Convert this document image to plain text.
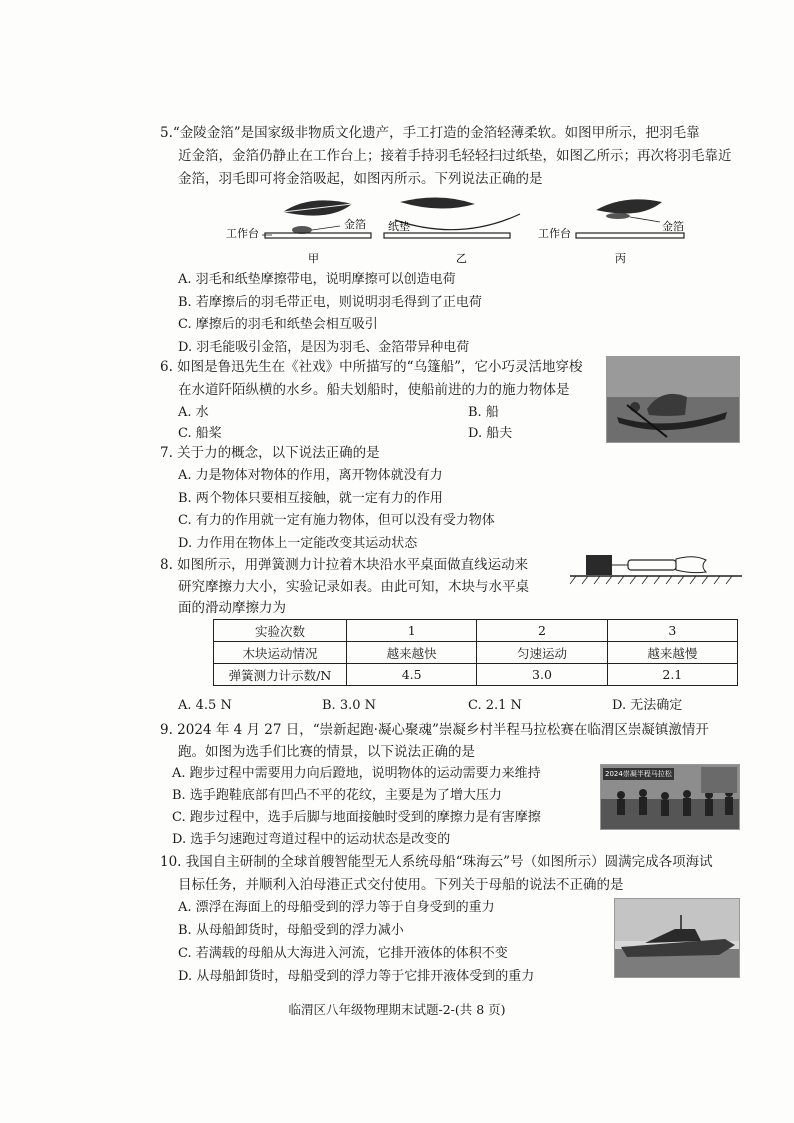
5.“金陵金箔”是国家级非物质文化遗产，手工打造的金箔轻薄柔软。如图甲所示，把羽毛靠
近金箔，金箔仍静止在工作台上；接着手持羽毛轻轻扫过纸垫，如图乙所示；再次将羽毛靠近
金箔，羽毛即可将金箔吸起，如图丙所示。下列说法正确的是
工作台
金箔
甲
纸垫
乙
工作台
金箔
丙
A. 羽毛和纸垫摩擦带电，说明摩擦可以创造电荷
B. 若摩擦后的羽毛带正电，则说明羽毛得到了正电荷
C. 摩擦后的羽毛和纸垫会相互吸引
D. 羽毛能吸引金箔，是因为羽毛、金箔带异种电荷
6. 如图是鲁迅先生在《社戏》中所描写的“乌篷船”，它小巧灵活地穿梭
在水道阡陌纵横的水乡。船夫划船时，使船前进的力的施力物体是
A. 水	B. 船
C. 船桨	D. 船夫
7. 关于力的概念，以下说法正确的是
A. 力是物体对物体的作用，离开物体就没有力
B. 两个物体只要相互接触，就一定有力的作用
C. 有力的作用就一定有施力物体，但可以没有受力物体
D. 力作用在物体上一定能改变其运动状态
8. 如图所示，用弹簧测力计拉着木块沿水平桌面做直线运动来
研究摩擦力大小，实验记录如表。由此可知，木块与水平桌
面的滑动摩擦力为
实验次数	1	2	3
木块运动情况	越来越快	匀速运动	越来越慢
弹簧测力计示数/N	4.5	3.0	2.1
A. 4.5 N	B. 3.0 N	C. 2.1 N	D. 无法确定
9. 2024 年 4 月 27 日，“崇新起跑·凝心聚魂”崇凝乡村半程马拉松赛在临渭区崇凝镇激情开
跑。如图为选手们比赛的情景，以下说法正确的是
A. 跑步过程中需要用力向后蹬地，说明物体的运动需要力来维持
B. 选手跑鞋底部有凹凸不平的花纹，主要是为了增大压力
C. 跑步过程中，选手后脚与地面接触时受到的摩擦力是有害摩擦
D. 选手匀速跑过弯道过程中的运动状态是改变的
2024崇凝半程马拉松
10. 我国自主研制的全球首艘智能型无人系统母船“珠海云”号（如图所示）圆满完成各项海试
目标任务，并顺利入泊母港正式交付使用。下列关于母船的说法不正确的是
A. 漂浮在海面上的母船受到的浮力等于自身受到的重力
B. 从母船卸货时，母船受到的浮力减小
C. 若满载的母船从大海进入河流，它排开液体的体积不变
D. 从母船卸货时，母船受到的浮力等于它排开液体受到的重力
临渭区八年级物理期末试题-2-(共 8 页)
